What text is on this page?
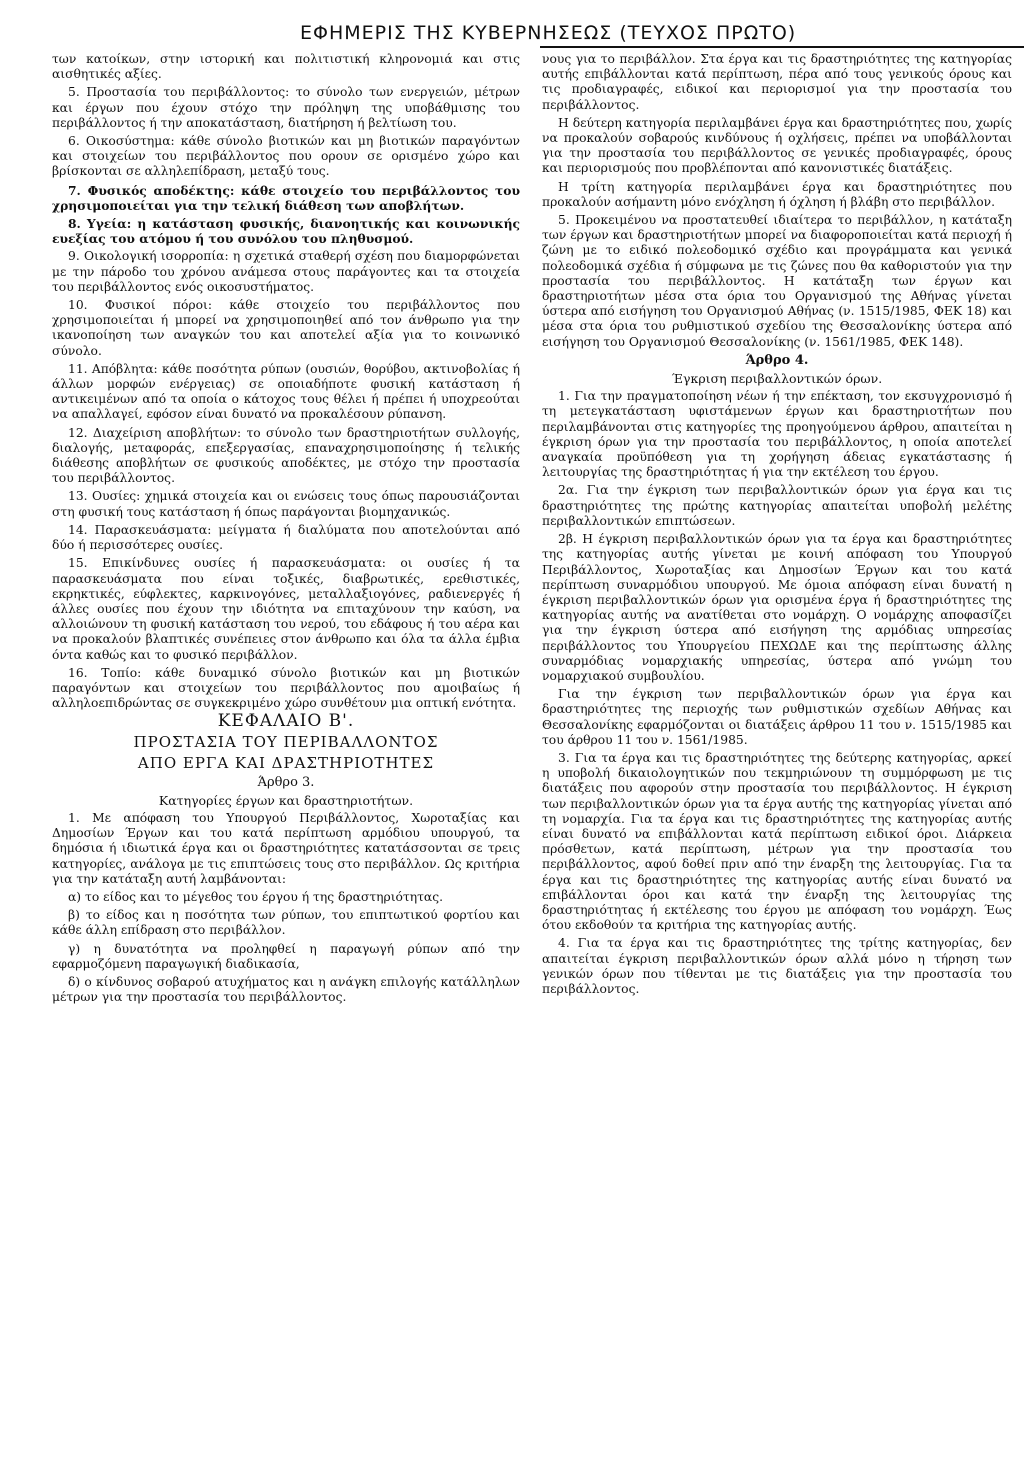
ΕΦΗΜΕΡΙΣ ΤΗΣ ΚΥΒΕΡΝΗΣΕΩΣ (ΤΕΥΧΟΣ ΠΡΩΤΟ)

των κατοίκων, στην ιστορική και πολιτιστική κληρονομιά και στις αισθητικές αξίες.

5. Προστασία του περιβάλλοντος: το σύνολο των ενεργειών, μέτρων και έργων που έχουν στόχο την πρόληψη της υποβάθμισης του περιβάλλοντος ή την αποκατάσταση, διατήρηση ή βελτίωση του.

6. Οικοσύστημα: κάθε σύνολο βιοτικών και μη βιοτικών παραγόντων και στοιχείων του περιβάλλοντος που ορουν σε ορισμένο χώρο και βρίσκονται σε αλληλεπίδραση, μεταξύ τους.

7. Φυσικός αποδέκτης: κάθε στοιχείο του περιβάλλοντος του χρησιμοποιείται για την τελική διάθεση των αποβλήτων.

8. Υγεία: η κατάσταση φυσικής, διανοητικής και κοινωνικής ευεξίας του ατόμου ή του συνόλου του πληθυσμού.

9. Οικολογική ισορροπία: η σχετικά σταθερή σχέση που διαμορφώνεται με την πάροδο του χρόνου ανάμεσα στους παράγοντες και τα στοιχεία του περιβάλλοντος ενός οικοσυστήματος.

10. Φυσικοί πόροι: κάθε στοιχείο του περιβάλλοντος που χρησιμοποιείται ή μπορεί να χρησιμοποιηθεί από τον άνθρωπο για την ικανοποίηση των αναγκών του και αποτελεί αξία για το κοινωνικό σύνολο.

11. Απόβλητα: κάθε ποσότητα ρύπων (ουσιών, θορύβου, ακτινοβολίας ή άλλων μορφών ενέργειας) σε οποιαδήποτε φυσική κατάσταση ή αντικειμένων από τα οποία ο κάτοχος τους θέλει ή πρέπει ή υποχρεούται να απαλλαγεί, εφόσον είναι δυνατό να προκαλέσουν ρύπανση.

12. Διαχείριση αποβλήτων: το σύνολο των δραστηριοτήτων συλλογής, διαλογής, μεταφοράς, επεξεργασίας, επαναχρησιμοποίησης ή τελικής διάθεσης αποβλήτων σε φυσικούς αποδέκτες, με στόχο την προστασία του περιβάλλοντος.

13. Ουσίες: χημικά στοιχεία και οι ενώσεις τους όπως παρουσιάζονται στη φυσική τους κατάσταση ή όπως παράγονται βιομηχανικώς.

14. Παρασκευάσματα: μείγματα ή διαλύματα που αποτελούνται από δύο ή περισσότερες ουσίες.

15. Επικίνδυνες ουσίες ή παρασκευάσματα: οι ουσίες ή τα παρασκευάσματα που είναι τοξικές, διαβρωτικές, ερεθιστικές, εκρηκτικές, εύφλεκτες, καρκινογόνες, μεταλλαξιογόνες, ραδιενεργές ή άλλες ουσίες που έχουν την ιδιότητα να επιταχύνουν την καύση, να αλλοιώνουν τη φυσική κατάσταση του νερού, του εδάφους ή του αέρα και να προκαλούν βλαπτικές συνέπειες στον άνθρωπο και όλα τα άλλα έμβια όντα καθώς και το φυσικό περιβάλλον.

16. Τοπίο: κάθε δυναμικό σύνολο βιοτικών και μη βιοτικών παραγόντων και στοιχείων του περιβάλλοντος που αμοιβαίως ή αλληλοεπιδρώντας σε συγκεκριμένο χώρο συνθέτουν μια οπτική ενότητα.

ΚΕΦΑΛΑΙΟ Β'.

ΠΡΟΣΤΑΣΙΑ ΤΟΥ ΠΕΡΙΒΑΛΛΟΝΤΟΣ

ΑΠΟ ΕΡΓΑ ΚΑΙ ΔΡΑΣΤΗΡΙΟΤΗΤΕΣ

Άρθρο 3.

Κατηγορίες έργων και δραστηριοτήτων.

1. Με απόφαση του Υπουργού Περιβάλλοντος, Χωροταξίας και Δημοσίων Έργων και του κατά περίπτωση αρμόδιου υπουργού, τα δημόσια ή ιδιωτικά έργα και οι δραστηριότητες κατατάσσονται σε τρεις κατηγορίες, ανάλογα με τις επιπτώσεις τους στο περιβάλλον. Ως κριτήρια για την κατάταξη αυτή λαμβάνονται:

α) το είδος και το μέγεθος του έργου ή της δραστηριότητας.

β) το είδος και η ποσότητα των ρύπων, του επιπτωτικού φορτίου και κάθε άλλη επίδραση στο περιβάλλον.

γ) η δυνατότητα να προληφθεί η παραγωγή ρύπων από την εφαρμοζόμενη παραγωγική διαδικασία,

δ) ο κίνδυνος σοβαρού ατυχήματος και η ανάγκη επιλογής κατάλληλων μέτρων για την προστασία του περιβάλλοντος.

νους για το περιβάλλον. Στα έργα και τις δραστηριότητες της κατηγορίας αυτής επιβάλλονται κατά περίπτωση, πέρα από τους γενικούς όρους και τις προδιαγραφές, ειδικοί και περιορισμοί για την προστασία του περιβάλλοντος.

Η δεύτερη κατηγορία περιλαμβάνει έργα και δραστηριότητες που, χωρίς να προκαλούν σοβαρούς κινδύνους ή οχλήσεις, πρέπει να υποβάλλονται για την προστασία του περιβάλλοντος σε γενικές προδιαγραφές, όρους και περιορισμούς που προβλέπονται από κανονιστικές διατάξεις.

Η τρίτη κατηγορία περιλαμβάνει έργα και δραστηριότητες που προκαλούν ασήμαντη μόνο ενόχληση ή όχληση ή βλάβη στο περιβάλλον.

5. Προκειμένου να προστατευθεί ιδιαίτερα το περιβάλλον, η κατάταξη των έργων και δραστηριοτήτων μπορεί να διαφοροποιείται κατά περιοχή ή ζώνη με το ειδικό πολεοδομικό σχέδιο και προγράμματα και γενικά πολεοδομικά σχέδια ή σύμφωνα με τις ζώνες που θα καθοριστούν για την προστασία του περιβάλλοντος. Η κατάταξη των έργων και δραστηριοτήτων μέσα στα όρια του Οργανισμού της Αθήνας γίνεται ύστερα από εισήγηση του Οργανισμού Αθήνας (ν. 1515/1985, ΦΕΚ 18) και μέσα στα όρια του ρυθμιστικού σχεδίου της Θεσσαλονίκης ύστερα από εισήγηση του Οργανισμού Θεσσαλονίκης (ν. 1561/1985, ΦΕΚ 148).

Άρθρο 4.

Έγκριση περιβαλλοντικών όρων.

1. Για την πραγματοποίηση νέων ή την επέκταση, τον εκσυγχρονισμό ή τη μετεγκατάσταση υφιστάμενων έργων και δραστηριοτήτων που περιλαμβάνονται στις κατηγορίες της προηγούμενου άρθρου, απαιτείται η έγκριση όρων για την προστασία του περιβάλλοντος, η οποία αποτελεί αναγκαία προϋπόθεση για τη χορήγηση άδειας εγκατάστασης ή λειτουργίας της δραστηριότητας ή για την εκτέλεση του έργου.

2α. Για την έγκριση των περιβαλλοντικών όρων για έργα και τις δραστηριότητες της πρώτης κατηγορίας απαιτείται υποβολή μελέτης περιβαλλοντικών επιπτώσεων.

2β. Η έγκριση περιβαλλοντικών όρων για τα έργα και δραστηριότητες της κατηγορίας αυτής γίνεται με κοινή απόφαση του Υπουργού Περιβάλλοντος, Χωροταξίας και Δημοσίων Έργων και του κατά περίπτωση συναρμόδιου υπουργού. Με όμοια απόφαση είναι δυνατή η έγκριση περιβαλλοντικών όρων για ορισμένα έργα ή δραστηριότητες της κατηγορίας αυτής να ανατίθεται στο νομάρχη. Ο νομάρχης αποφασίζει για την έγκριση ύστερα από εισήγηση της αρμόδιας υπηρεσίας περιβάλλοντος του Υπουργείου ΠΕΧΩΔΕ και της περίπτωσης άλλης συναρμόδιας νομαρχιακής υπηρεσίας, ύστερα από γνώμη του νομαρχιακού συμβουλίου.

Για την έγκριση των περιβαλλοντικών όρων για έργα και δραστηριότητες της περιοχής των ρυθμιστικών σχεδίων Αθήνας και Θεσσαλονίκης εφαρμόζονται οι διατάξεις άρθρου 11 του ν. 1515/1985 και του άρθρου 11 του ν. 1561/1985.

3. Για τα έργα και τις δραστηριότητες της δεύτερης κατηγορίας, αρκεί η υποβολή δικαιολογητικών που τεκμηριώνουν τη συμμόρφωση με τις διατάξεις που αφορούν στην προστασία του περιβάλλοντος. Η έγκριση των περιβαλλοντικών όρων για τα έργα αυτής της κατηγορίας γίνεται από τη νομαρχία. Για τα έργα και τις δραστηριότητες της κατηγορίας αυτής είναι δυνατό να επιβάλλονται κατά περίπτωση ειδικοί όροι. Διάρκεια πρόσθετων, κατά περίπτωση, μέτρων για την προστασία του περιβάλλοντος, αφού δοθεί πριν από την έναρξη της λειτουργίας. Για τα έργα και τις δραστηριότητες της κατηγορίας αυτής είναι δυνατό να επιβάλλονται όροι και κατά την έναρξη της λειτουργίας της δραστηριότητας ή εκτέλεσης του έργου με απόφαση του νομάρχη. Έως ότου εκδοθούν τα κριτήρια της κατηγορίας αυτής.

4. Για τα έργα και τις δραστηριότητες της τρίτης κατηγορίας, δεν απαιτείται έγκριση περιβαλλοντικών όρων αλλά μόνο η τήρηση των γενικών όρων που τίθενται με τις διατάξεις για την προστασία του περιβάλλοντος.
